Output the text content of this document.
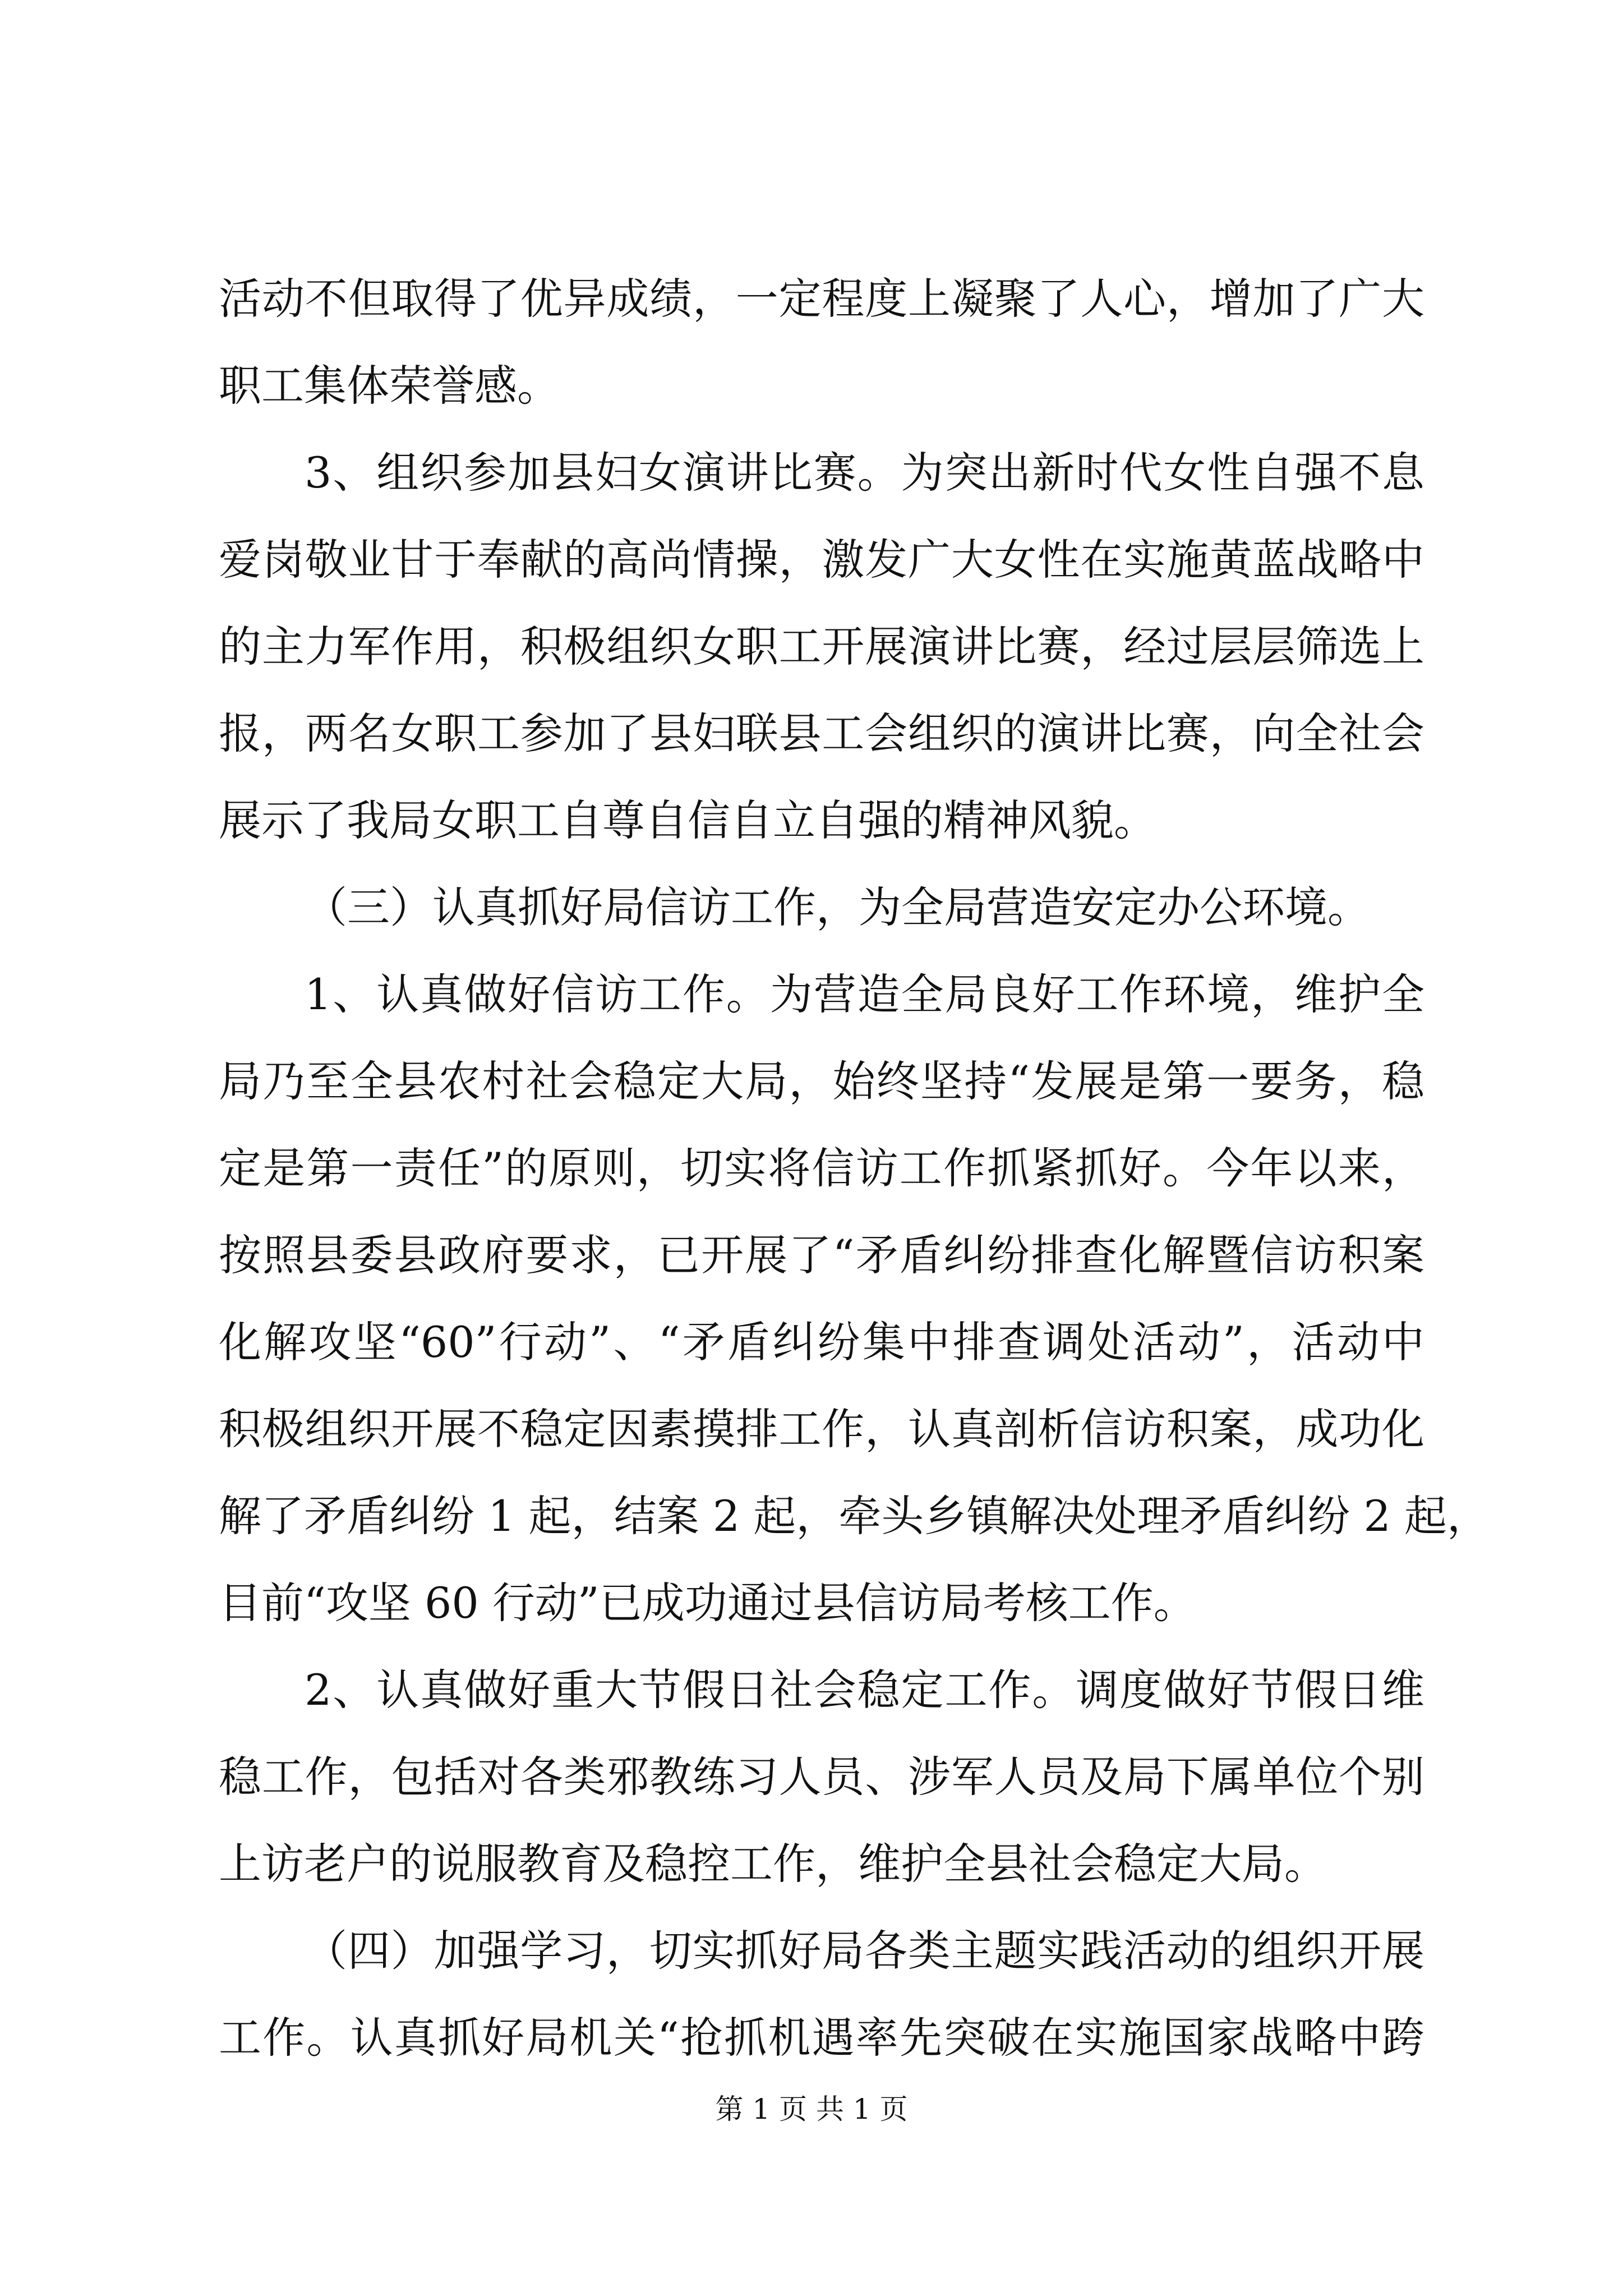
活动不但取得了优异成绩，一定程度上凝聚了人心，增加了广大
职工集体荣誉感。
3、组织参加县妇女演讲比赛。为突出新时代女性自强不息
爱岗敬业甘于奉献的高尚情操，激发广大女性在实施黄蓝战略中
的主力军作用，积极组织女职工开展演讲比赛，经过层层筛选上
报，两名女职工参加了县妇联县工会组织的演讲比赛，向全社会
展示了我局女职工自尊自信自立自强的精神风貌。
（三）认真抓好局信访工作，为全局营造安定办公环境。
1、认真做好信访工作。为营造全局良好工作环境，维护全
局乃至全县农村社会稳定大局，始终坚持“发展是第一要务，稳
定是第一责任”的原则，切实将信访工作抓紧抓好。今年以来，
按照县委县政府要求，已开展了“矛盾纠纷排查化解暨信访积案
化解攻坚“60”行动”、“矛盾纠纷集中排查调处活动”，活动中
积极组织开展不稳定因素摸排工作，认真剖析信访积案，成功化
解了矛盾纠纷 1 起，结案 2 起，牵头乡镇解决处理矛盾纠纷 2 起，
目前“攻坚 60 行动”已成功通过县信访局考核工作。
2、认真做好重大节假日社会稳定工作。调度做好节假日维
稳工作，包括对各类邪教练习人员、涉军人员及局下属单位个别
上访老户的说服教育及稳控工作，维护全县社会稳定大局。
（四）加强学习，切实抓好局各类主题实践活动的组织开展
工作。认真抓好局机关“抢抓机遇率先突破在实施国家战略中跨
第 1 页 共 1 页
